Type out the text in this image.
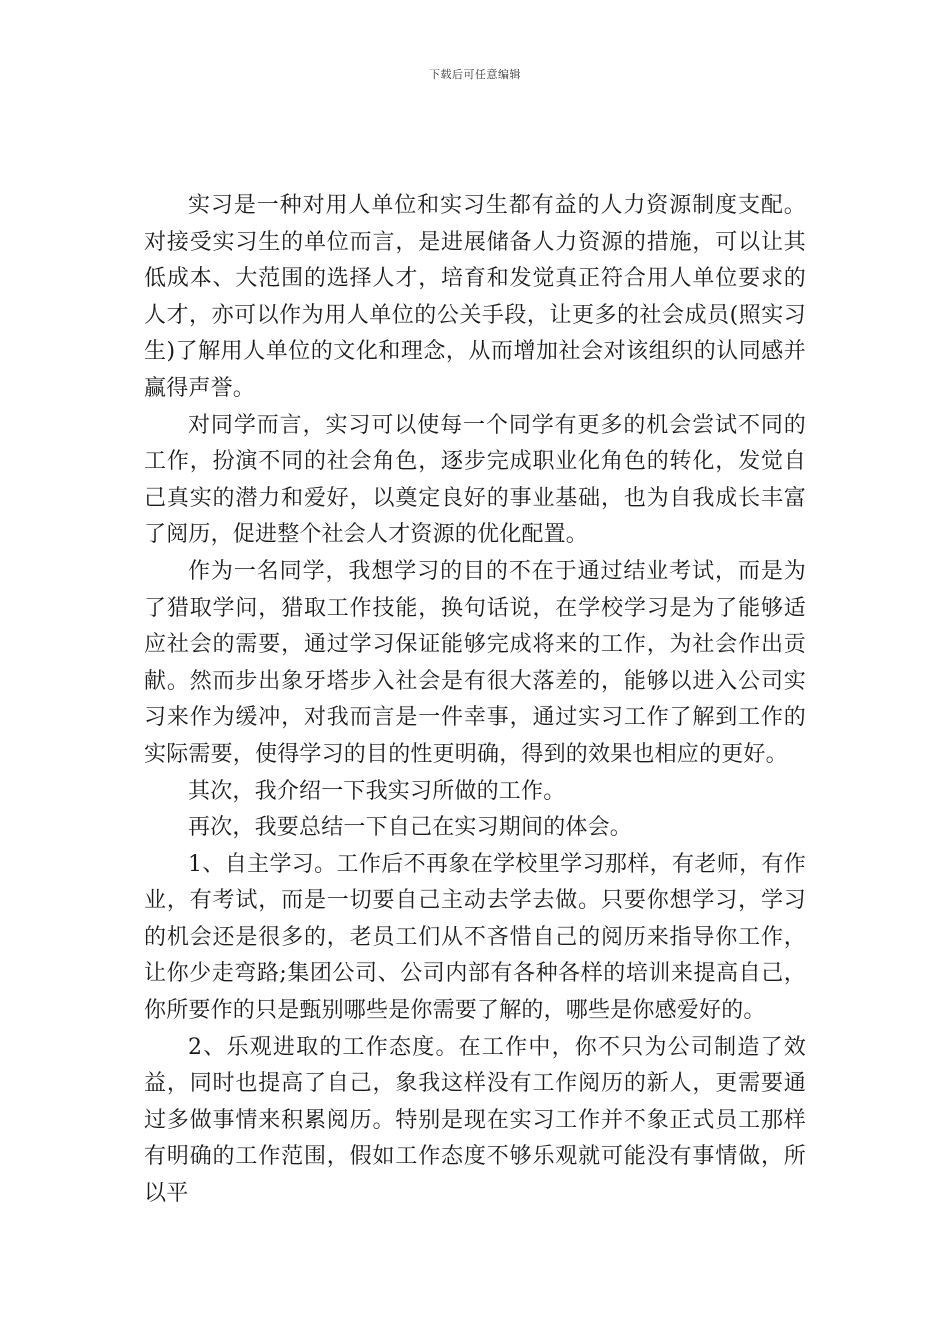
下载后可任意编辑

实习是一种对用人单位和实习生都有益的人力资源制度支配。对接受实习生的单位而言，是进展储备人力资源的措施，可以让其低成本、大范围的选择人才，培育和发觉真正符合用人单位要求的人才，亦可以作为用人单位的公关手段，让更多的社会成员(照实习生)了解用人单位的文化和理念，从而增加社会对该组织的认同感并赢得声誉。

对同学而言，实习可以使每一个同学有更多的机会尝试不同的工作，扮演不同的社会角色，逐步完成职业化角色的转化，发觉自己真实的潜力和爱好，以奠定良好的事业基础，也为自我成长丰富了阅历，促进整个社会人才资源的优化配置。

作为一名同学，我想学习的目的不在于通过结业考试，而是为了猎取学问，猎取工作技能，换句话说，在学校学习是为了能够适应社会的需要，通过学习保证能够完成将来的工作，为社会作出贡献。然而步出象牙塔步入社会是有很大落差的，能够以进入公司实习来作为缓冲，对我而言是一件幸事，通过实习工作了解到工作的实际需要，使得学习的目的性更明确，得到的效果也相应的更好。

其次，我介绍一下我实习所做的工作。

再次，我要总结一下自己在实习期间的体会。

1、自主学习。工作后不再象在学校里学习那样，有老师，有作业，有考试，而是一切要自己主动去学去做。只要你想学习，学习的机会还是很多的，老员工们从不吝惜自己的阅历来指导你工作，让你少走弯路;集团公司、公司内部有各种各样的培训来提高自己，你所要作的只是甄别哪些是你需要了解的，哪些是你感爱好的。

2、乐观进取的工作态度。在工作中，你不只为公司制造了效益，同时也提高了自己，象我这样没有工作阅历的新人，更需要通过多做事情来积累阅历。特别是现在实习工作并不象正式员工那样有明确的工作范围，假如工作态度不够乐观就可能没有事情做，所以平
